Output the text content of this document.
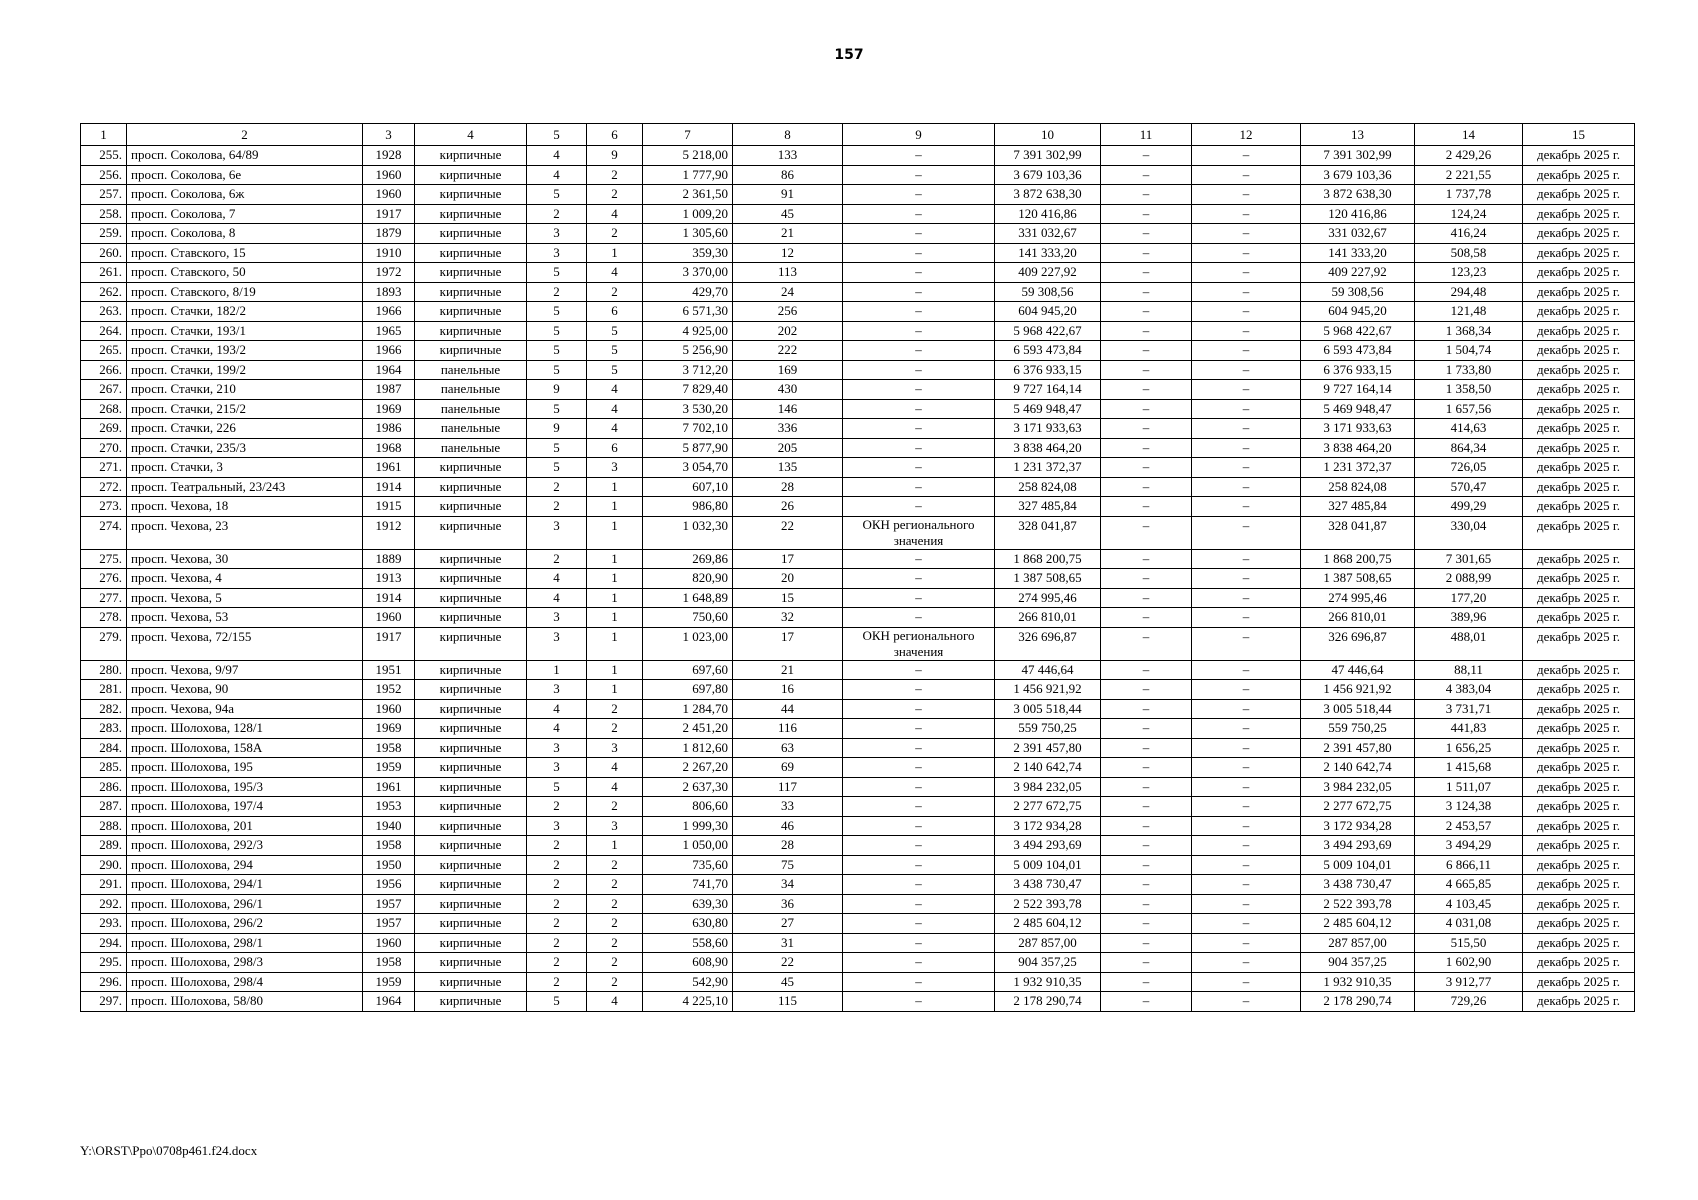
157
1	2	3	4	5	6	7	8	9	10	11	12	13	14	15
255.	просп. Соколова, 64/89	1928	кирпичные	4	9	5 218,00	133	–	7 391 302,99	–	–	7 391 302,99	2 429,26	декабрь 2025 г.
256.	просп. Соколова, 6е	1960	кирпичные	4	2	1 777,90	86	–	3 679 103,36	–	–	3 679 103,36	2 221,55	декабрь 2025 г.
257.	просп. Соколова, 6ж	1960	кирпичные	5	2	2 361,50	91	–	3 872 638,30	–	–	3 872 638,30	1 737,78	декабрь 2025 г.
258.	просп. Соколова, 7	1917	кирпичные	2	4	1 009,20	45	–	120 416,86	–	–	120 416,86	124,24	декабрь 2025 г.
259.	просп. Соколова, 8	1879	кирпичные	3	2	1 305,60	21	–	331 032,67	–	–	331 032,67	416,24	декабрь 2025 г.
260.	просп. Ставского, 15	1910	кирпичные	3	1	359,30	12	–	141 333,20	–	–	141 333,20	508,58	декабрь 2025 г.
261.	просп. Ставского, 50	1972	кирпичные	5	4	3 370,00	113	–	409 227,92	–	–	409 227,92	123,23	декабрь 2025 г.
262.	просп. Ставского, 8/19	1893	кирпичные	2	2	429,70	24	–	59 308,56	–	–	59 308,56	294,48	декабрь 2025 г.
263.	просп. Стачки, 182/2	1966	кирпичные	5	6	6 571,30	256	–	604 945,20	–	–	604 945,20	121,48	декабрь 2025 г.
264.	просп. Стачки, 193/1	1965	кирпичные	5	5	4 925,00	202	–	5 968 422,67	–	–	5 968 422,67	1 368,34	декабрь 2025 г.
265.	просп. Стачки, 193/2	1966	кирпичные	5	5	5 256,90	222	–	6 593 473,84	–	–	6 593 473,84	1 504,74	декабрь 2025 г.
266.	просп. Стачки, 199/2	1964	панельные	5	5	3 712,20	169	–	6 376 933,15	–	–	6 376 933,15	1 733,80	декабрь 2025 г.
267.	просп. Стачки, 210	1987	панельные	9	4	7 829,40	430	–	9 727 164,14	–	–	9 727 164,14	1 358,50	декабрь 2025 г.
268.	просп. Стачки, 215/2	1969	панельные	5	4	3 530,20	146	–	5 469 948,47	–	–	5 469 948,47	1 657,56	декабрь 2025 г.
269.	просп. Стачки, 226	1986	панельные	9	4	7 702,10	336	–	3 171 933,63	–	–	3 171 933,63	414,63	декабрь 2025 г.
270.	просп. Стачки, 235/3	1968	панельные	5	6	5 877,90	205	–	3 838 464,20	–	–	3 838 464,20	864,34	декабрь 2025 г.
271.	просп. Стачки, 3	1961	кирпичные	5	3	3 054,70	135	–	1 231 372,37	–	–	1 231 372,37	726,05	декабрь 2025 г.
272.	просп. Театральный, 23/243	1914	кирпичные	2	1	607,10	28	–	258 824,08	–	–	258 824,08	570,47	декабрь 2025 г.
273.	просп. Чехова, 18	1915	кирпичные	2	1	986,80	26	–	327 485,84	–	–	327 485,84	499,29	декабрь 2025 г.
274.	просп. Чехова, 23	1912	кирпичные	3	1	1 032,30	22	ОКН регионального значения	328 041,87	–	–	328 041,87	330,04	декабрь 2025 г.
275.	просп. Чехова, 30	1889	кирпичные	2	1	269,86	17	–	1 868 200,75	–	–	1 868 200,75	7 301,65	декабрь 2025 г.
276.	просп. Чехова, 4	1913	кирпичные	4	1	820,90	20	–	1 387 508,65	–	–	1 387 508,65	2 088,99	декабрь 2025 г.
277.	просп. Чехова, 5	1914	кирпичные	4	1	1 648,89	15	–	274 995,46	–	–	274 995,46	177,20	декабрь 2025 г.
278.	просп. Чехова, 53	1960	кирпичные	3	1	750,60	32	–	266 810,01	–	–	266 810,01	389,96	декабрь 2025 г.
279.	просп. Чехова, 72/155	1917	кирпичные	3	1	1 023,00	17	ОКН регионального значения	326 696,87	–	–	326 696,87	488,01	декабрь 2025 г.
280.	просп. Чехова, 9/97	1951	кирпичные	1	1	697,60	21	–	47 446,64	–	–	47 446,64	88,11	декабрь 2025 г.
281.	просп. Чехова, 90	1952	кирпичные	3	1	697,80	16	–	1 456 921,92	–	–	1 456 921,92	4 383,04	декабрь 2025 г.
282.	просп. Чехова, 94а	1960	кирпичные	4	2	1 284,70	44	–	3 005 518,44	–	–	3 005 518,44	3 731,71	декабрь 2025 г.
283.	просп. Шолохова, 128/1	1969	кирпичные	4	2	2 451,20	116	–	559 750,25	–	–	559 750,25	441,83	декабрь 2025 г.
284.	просп. Шолохова, 158А	1958	кирпичные	3	3	1 812,60	63	–	2 391 457,80	–	–	2 391 457,80	1 656,25	декабрь 2025 г.
285.	просп. Шолохова, 195	1959	кирпичные	3	4	2 267,20	69	–	2 140 642,74	–	–	2 140 642,74	1 415,68	декабрь 2025 г.
286.	просп. Шолохова, 195/3	1961	кирпичные	5	4	2 637,30	117	–	3 984 232,05	–	–	3 984 232,05	1 511,07	декабрь 2025 г.
287.	просп. Шолохова, 197/4	1953	кирпичные	2	2	806,60	33	–	2 277 672,75	–	–	2 277 672,75	3 124,38	декабрь 2025 г.
288.	просп. Шолохова, 201	1940	кирпичные	3	3	1 999,30	46	–	3 172 934,28	–	–	3 172 934,28	2 453,57	декабрь 2025 г.
289.	просп. Шолохова, 292/3	1958	кирпичные	2	1	1 050,00	28	–	3 494 293,69	–	–	3 494 293,69	3 494,29	декабрь 2025 г.
290.	просп. Шолохова, 294	1950	кирпичные	2	2	735,60	75	–	5 009 104,01	–	–	5 009 104,01	6 866,11	декабрь 2025 г.
291.	просп. Шолохова, 294/1	1956	кирпичные	2	2	741,70	34	–	3 438 730,47	–	–	3 438 730,47	4 665,85	декабрь 2025 г.
292.	просп. Шолохова, 296/1	1957	кирпичные	2	2	639,30	36	–	2 522 393,78	–	–	2 522 393,78	4 103,45	декабрь 2025 г.
293.	просп. Шолохова, 296/2	1957	кирпичные	2	2	630,80	27	–	2 485 604,12	–	–	2 485 604,12	4 031,08	декабрь 2025 г.
294.	просп. Шолохова, 298/1	1960	кирпичные	2	2	558,60	31	–	287 857,00	–	–	287 857,00	515,50	декабрь 2025 г.
295.	просп. Шолохова, 298/3	1958	кирпичные	2	2	608,90	22	–	904 357,25	–	–	904 357,25	1 602,90	декабрь 2025 г.
296.	просп. Шолохова, 298/4	1959	кирпичные	2	2	542,90	45	–	1 932 910,35	–	–	1 932 910,35	3 912,77	декабрь 2025 г.
297.	просп. Шолохова, 58/80	1964	кирпичные	5	4	4 225,10	115	–	2 178 290,74	–	–	2 178 290,74	729,26	декабрь 2025 г.
Y:\ORST\Ppo\0708p461.f24.docx
